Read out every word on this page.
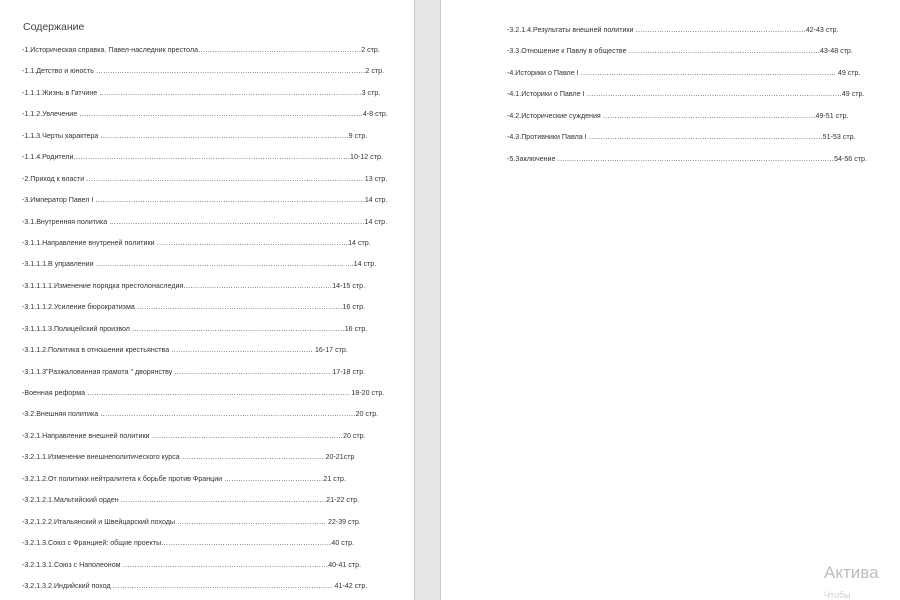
Содержание
-1.Историческая справка. Павел-наследник престола……………………………………………………………2 стр.
-1.1.Детство и юность ……………………………………………………………………………………………………2 стр.
-1.1.1.Жизнь в Гатчине …………………………………………………………………………………………………3 стр.
-1.1.2.Увлечение …………………………………………………………………………………………………………4-8 стр.
-1.1.3.Черты характера ……………………………………………………………………………………………9 стр.
-1.1.4.Родители………………………………………………………………………………………………………10-12 стр.
-2.Приход к власти ……………………………………………………………………………………………………… 13 стр.
-3.Император Павел I ……………………………………………………………………………………………………14 стр.
-3.1.Внутренняя политика ………………………………………………………………………………………………14 стр.
-3.1.1.Направление внутреней политики ………………………………………………………………………14 стр.
-3.1.1.1.В управлении …………………………………………………………………………………………… ....14 стр.
-3.1.1.1.1.Изменение порядка престолонаследия………………………………………………………14-15 стр.
-3.1.1.1.2.Усиление бюрократизма ……………………………………………………………………………16 стр.
-3.1.1.1.3.Полицейский произвол ………………………………………………………………………………16 стр.
-3.1.1.2.Политика в отношении крестьянства …………………………………………………… 16-17 стр.
-3.1.1.3"Разжалованная грамота " дворянству ………………………………………………………… 17-18 стр.
-Военная реформа ………………………………………………………………………………………………… 18-20 стр.
-3.2.Внешняя политика ………………………………………………………………………………………………20 стр.
-3.2.1.Направление внешней политики ………………………………………………………………………20 стр.
-3.2.1.1.Изменение внешнеполитического курса …………………………………………………… 20-21стр
-3.2.1.2.От политики нейтралитета к борьбе против Франции ……………………………………21 стр.
-3.2.1.2.1.Мальтийский орден ……………………………………………………………………………21-22 стр.
-3.2.1.2.2.Итальянский и Швейцарский походы ……………………………………………………… 22-39 стр.
-3.2.1.3.Союз с Францией: общие проекты………………………………………………………………40 стр.
-3.2.1.3.1.Союз с Наполеоном ……………………………………………………………………………40-41 стр.
-3.2.1.3.2.Индийский поход ………………………………………………………………………………… 41-42 стр.
-3.2.1.4.Результаты внешней политики ………………………………………………………………42-43 стр.
-3.3.Отношение к Павлу в обществе ………………………………………………………………………43-48 стр.
-4.Историки о Павле I ……………………………………………………………………………………………… 49 стр.
-4.1.Историки о Павле I ………………………………………………………………………………………………49 стр.
-4.2.Исторические суждения ………………………………………………………………………………49-51 стр.
-4.3.Противники Павла I ………………………………………………………………………………………51-53 стр.
-5.Заключение ………………………………………………………………………………………………………54-56 стр.
Актива
Чтобы
